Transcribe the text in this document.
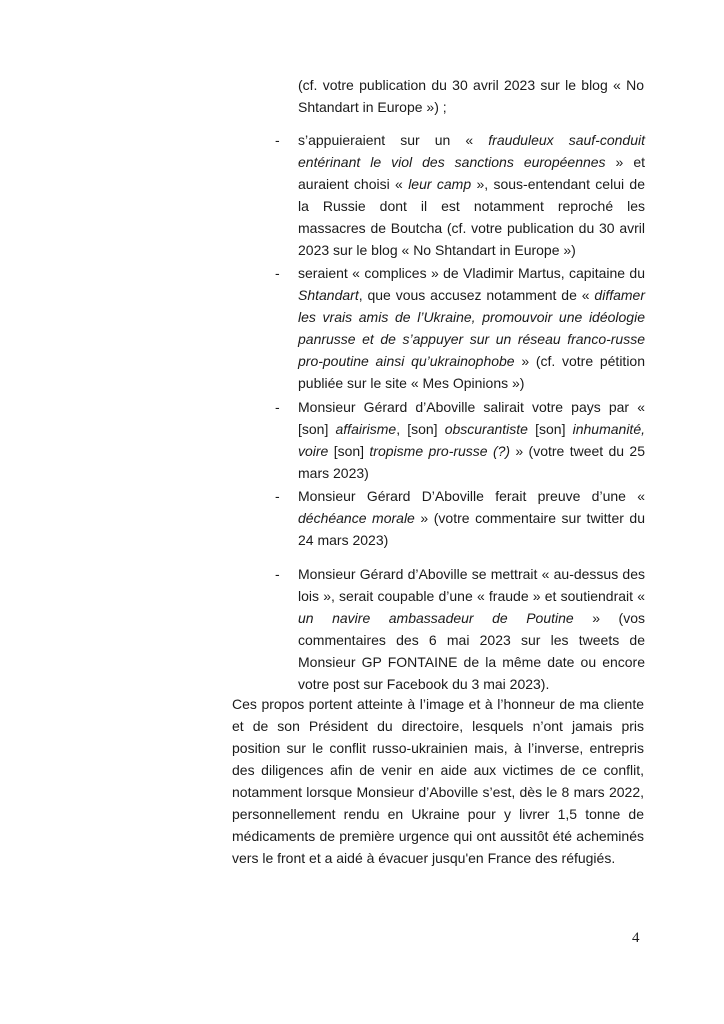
(cf. votre publication du 30 avril 2023 sur le blog « No Shtandart in Europe ») ;

-	s’appuieraient sur un « frauduleux sauf-conduit entérinant le viol des sanctions européennes » et auraient choisi « leur camp », sous-entendant celui de la Russie dont il est notamment reproché les massacres de Boutcha (cf. votre publication du 30 avril 2023 sur le blog « No Shtandart in Europe »)

-	seraient « complices » de Vladimir Martus, capitaine du Shtandart, que vous accusez notamment de « diffamer les vrais amis de l’Ukraine, promouvoir une idéologie panrusse et de s’appuyer sur un réseau franco-russe pro-poutine ainsi qu’ukrainophobe » (cf. votre pétition publiée sur le site « Mes Opinions »)

-	Monsieur Gérard d’Aboville salirait votre pays par « [son] affairisme, [son] obscurantiste [son] inhumanité, voire [son] tropisme pro-russe (?) » (votre tweet du 25 mars 2023)

-	Monsieur Gérard D’Aboville ferait preuve d’une « déchéance morale » (votre commentaire sur twitter du 24 mars 2023)

-	Monsieur Gérard d’Aboville se mettrait « au-dessus des lois », serait coupable d’une « fraude » et soutiendrait « un navire ambassadeur de Poutine » (vos commentaires des 6 mai 2023 sur les tweets de Monsieur GP FONTAINE de la même date ou encore votre post sur Facebook du 3 mai 2023).

Ces propos portent atteinte à l’image et à l’honneur de ma cliente et de son Président du directoire, lesquels n’ont jamais pris position sur le conflit russo-ukrainien mais, à l’inverse, entrepris des diligences afin de venir en aide aux victimes de ce conflit, notamment lorsque Monsieur d’Aboville s’est, dès le 8 mars 2022, personnellement rendu en Ukraine pour y livrer 1,5 tonne de médicaments de première urgence qui ont aussitôt été acheminés vers le front et a aidé à évacuer jusqu'en France des réfugiés.

4
